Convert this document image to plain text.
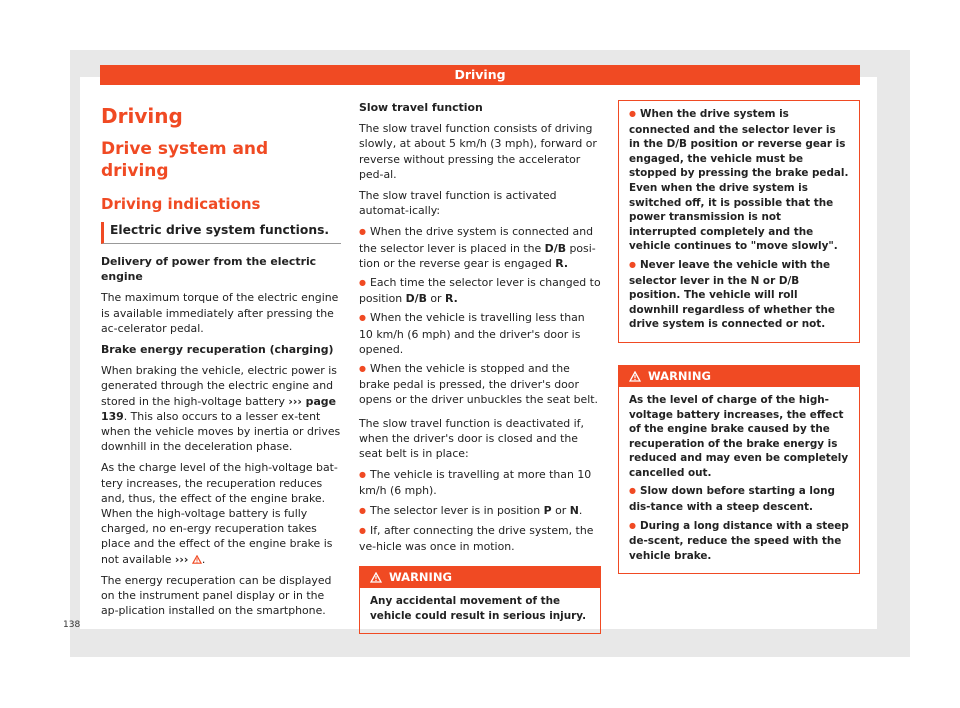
Driving
Driving
Drive system and driving
Driving indications
Electric drive system functions.

Delivery of power from the electric engine

The maximum torque of the electric engine is available immediately after pressing the ac-celerator pedal.

Brake energy recuperation (charging)

When braking the vehicle, electric power is generated through the electric engine and stored in the high-voltage battery ››› page 139. This also occurs to a lesser ex-tent when the vehicle moves by inertia or drives downhill in the deceleration phase.

As the charge level of the high-voltage bat-tery increases, the recuperation reduces and, thus, the effect of the engine brake. When the high-voltage battery is fully charged, no en-ergy recuperation takes place and the effect of the engine brake is not available ››› .

The energy recuperation can be displayed on the instrument panel display or in the ap-plication installed on the smartphone.

Slow travel function

The slow travel function consists of driving slowly, at about 5 km/h (3 mph), forward or reverse without pressing the accelerator ped-al.

The slow travel function is activated automat-ically:

● When the drive system is connected and the selector lever is placed in the D/B posi-tion or the reverse gear is engaged R.

● Each time the selector lever is changed to position D/B or R.

● When the vehicle is travelling less than 10 km/h (6 mph) and the driver's door is opened.

● When the vehicle is stopped and the brake pedal is pressed, the driver's door opens or the driver unbuckles the seat belt.

The slow travel function is deactivated if, when the driver's door is closed and the seat belt is in place:

● The vehicle is travelling at more than 10 km/h (6 mph).

● The selector lever is in position P or N.

● If, after connecting the drive system, the ve-hicle was once in motion.

WARNING

Any accidental movement of the vehicle could result in serious injury.

● When the drive system is connected and the selector lever is in the D/B position or reverse gear is engaged, the vehicle must be stopped by pressing the brake pedal. Even when the drive system is switched off, it is possible that the power transmission is not interrupted completely and the vehicle continues to "move slowly".

● Never leave the vehicle with the selector lever in the N or D/B position. The vehicle will roll downhill regardless of whether the drive system is connected or not.

WARNING

As the level of charge of the high-voltage battery increases, the effect of the engine brake caused by the recuperation of the brake energy is reduced and may even be completely cancelled out.

● Slow down before starting a long dis-tance with a steep descent.

● During a long distance with a steep de-scent, reduce the speed with the vehicle brake.

138
